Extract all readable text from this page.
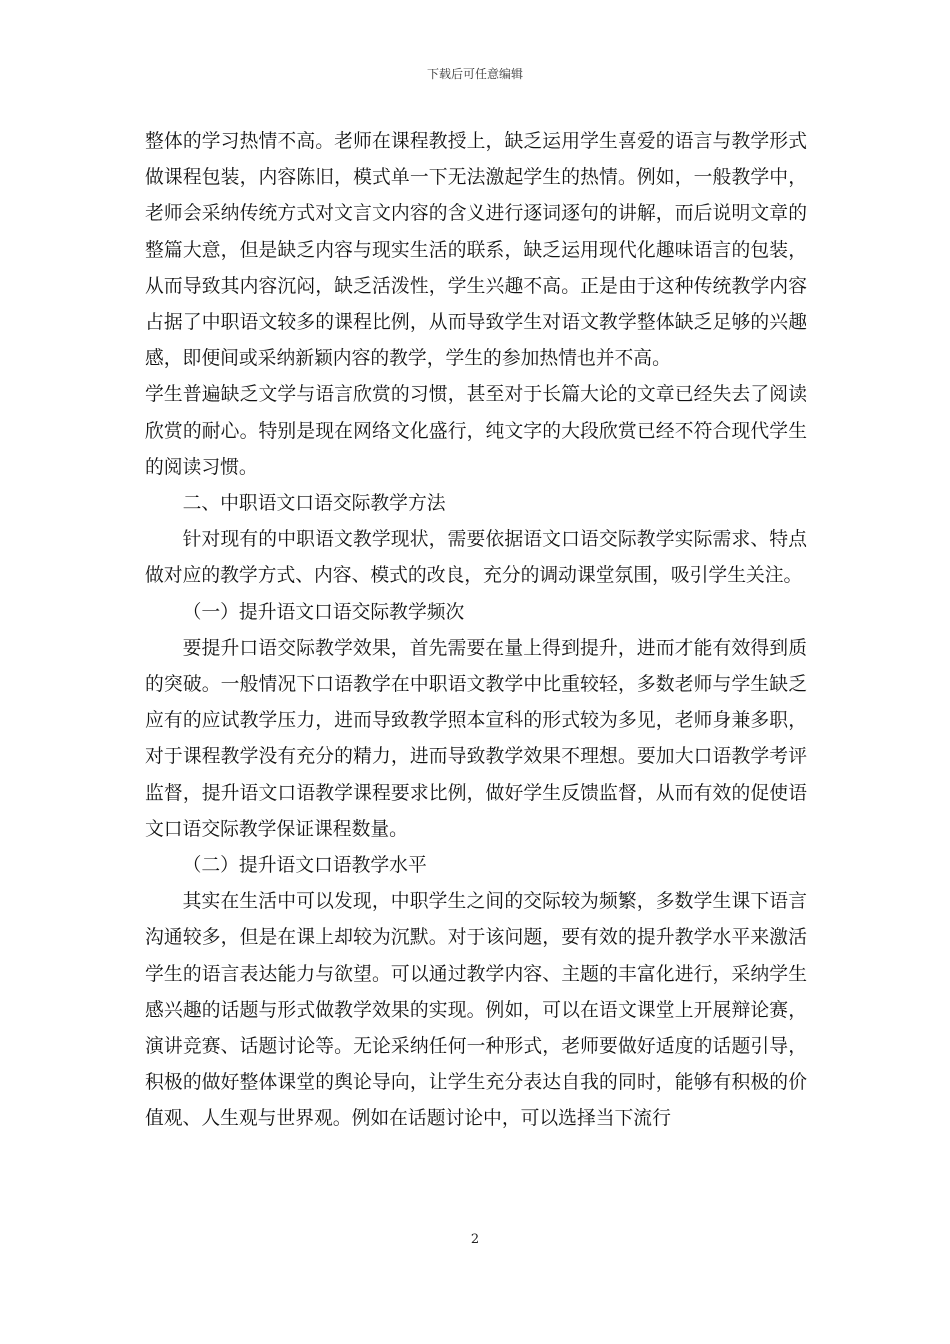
下载后可任意编辑

整体的学习热情不高。老师在课程教授上，缺乏运用学生喜爱的语言与教学形式做课程包装，内容陈旧，模式单一下无法激起学生的热情。例如，一般教学中，老师会采纳传统方式对文言文内容的含义进行逐词逐句的讲解，而后说明文章的整篇大意，但是缺乏内容与现实生活的联系，缺乏运用现代化趣味语言的包装，从而导致其内容沉闷，缺乏活泼性，学生兴趣不高。正是由于这种传统教学内容占据了中职语文较多的课程比例，从而导致学生对语文教学整体缺乏足够的兴趣感，即便间或采纳新颖内容的教学，学生的参加热情也并不高。

学生普遍缺乏文学与语言欣赏的习惯，甚至对于长篇大论的文章已经失去了阅读欣赏的耐心。特别是现在网络文化盛行，纯文字的大段欣赏已经不符合现代学生的阅读习惯。

二、中职语文口语交际教学方法

针对现有的中职语文教学现状，需要依据语文口语交际教学实际需求、特点做对应的教学方式、内容、模式的改良，充分的调动课堂氛围，吸引学生关注。

（一）提升语文口语交际教学频次

要提升口语交际教学效果，首先需要在量上得到提升，进而才能有效得到质的突破。一般情况下口语教学在中职语文教学中比重较轻，多数老师与学生缺乏应有的应试教学压力，进而导致教学照本宣科的形式较为多见，老师身兼多职，对于课程教学没有充分的精力，进而导致教学效果不理想。要加大口语教学考评监督，提升语文口语教学课程要求比例，做好学生反馈监督，从而有效的促使语文口语交际教学保证课程数量。

（二）提升语文口语教学水平

其实在生活中可以发现，中职学生之间的交际较为频繁，多数学生课下语言沟通较多，但是在课上却较为沉默。对于该问题，要有效的提升教学水平来激活学生的语言表达能力与欲望。可以通过教学内容、主题的丰富化进行，采纳学生感兴趣的话题与形式做教学效果的实现。例如，可以在语文课堂上开展辩论赛，演讲竞赛、话题讨论等。无论采纳任何一种形式，老师要做好适度的话题引导，积极的做好整体课堂的舆论导向，让学生充分表达自我的同时，能够有积极的价值观、人生观与世界观。例如在话题讨论中，可以选择当下流行

2
